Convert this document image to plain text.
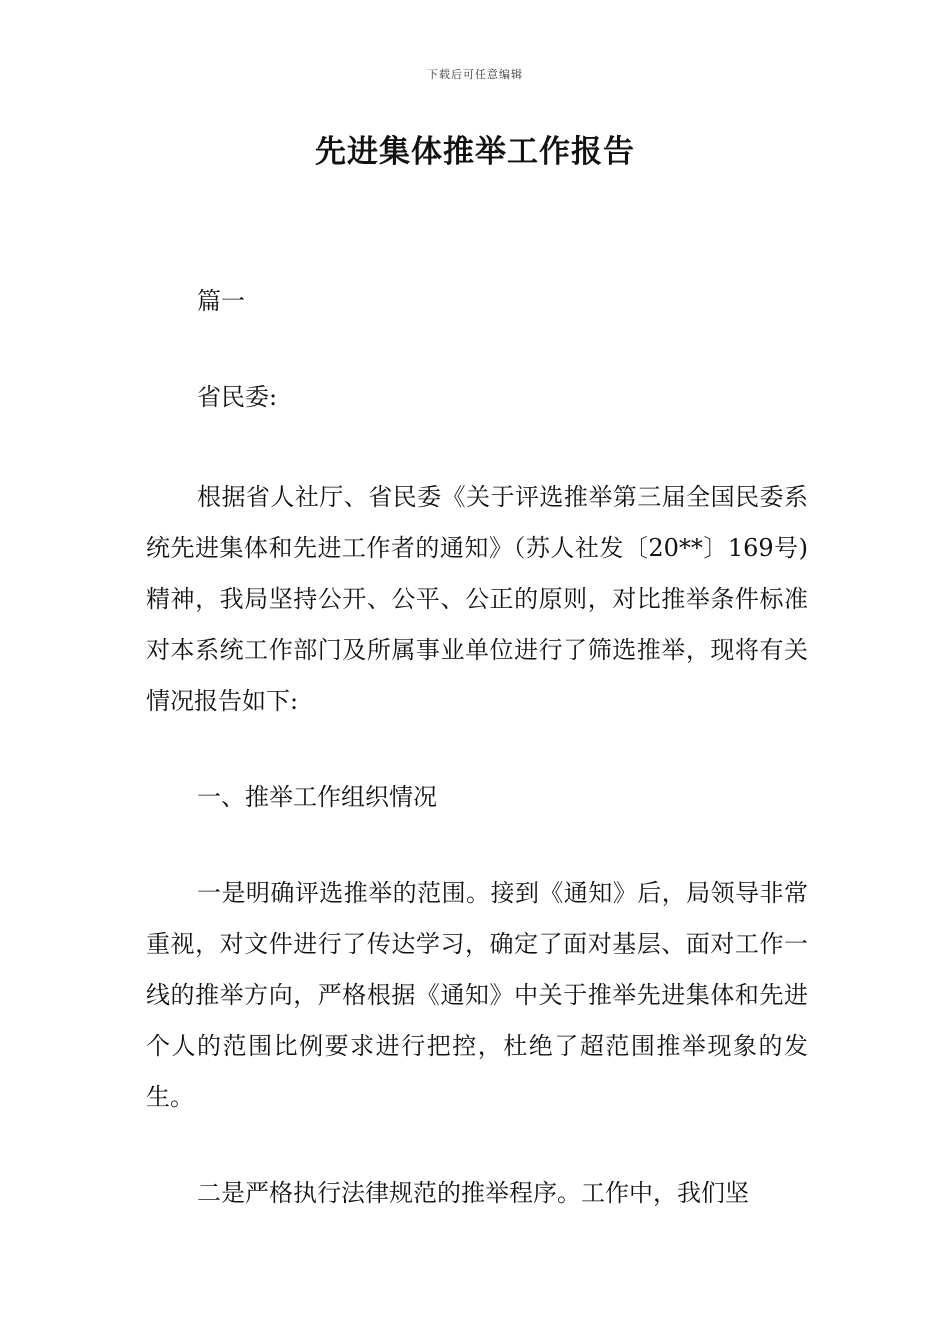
下载后可任意编辑
先进集体推举工作报告

篇一

省民委:

根据省人社厅、省民委《关于评选推举第三届全国民委系统先进集体和先进工作者的通知》（苏人社发〔20**〕169号)精神，我局坚持公开、公平、公正的原则，对比推举条件标准对本系统工作部门及所属事业单位进行了筛选推举，现将有关情况报告如下:

一、推举工作组织情况

一是明确评选推举的范围。接到《通知》后，局领导非常重视，对文件进行了传达学习，确定了面对基层、面对工作一线的推举方向，严格根据《通知》中关于推举先进集体和先进个人的范围比例要求进行把控，杜绝了超范围推举现象的发生。

二是严格执行法律规范的推举程序。工作中，我们坚
